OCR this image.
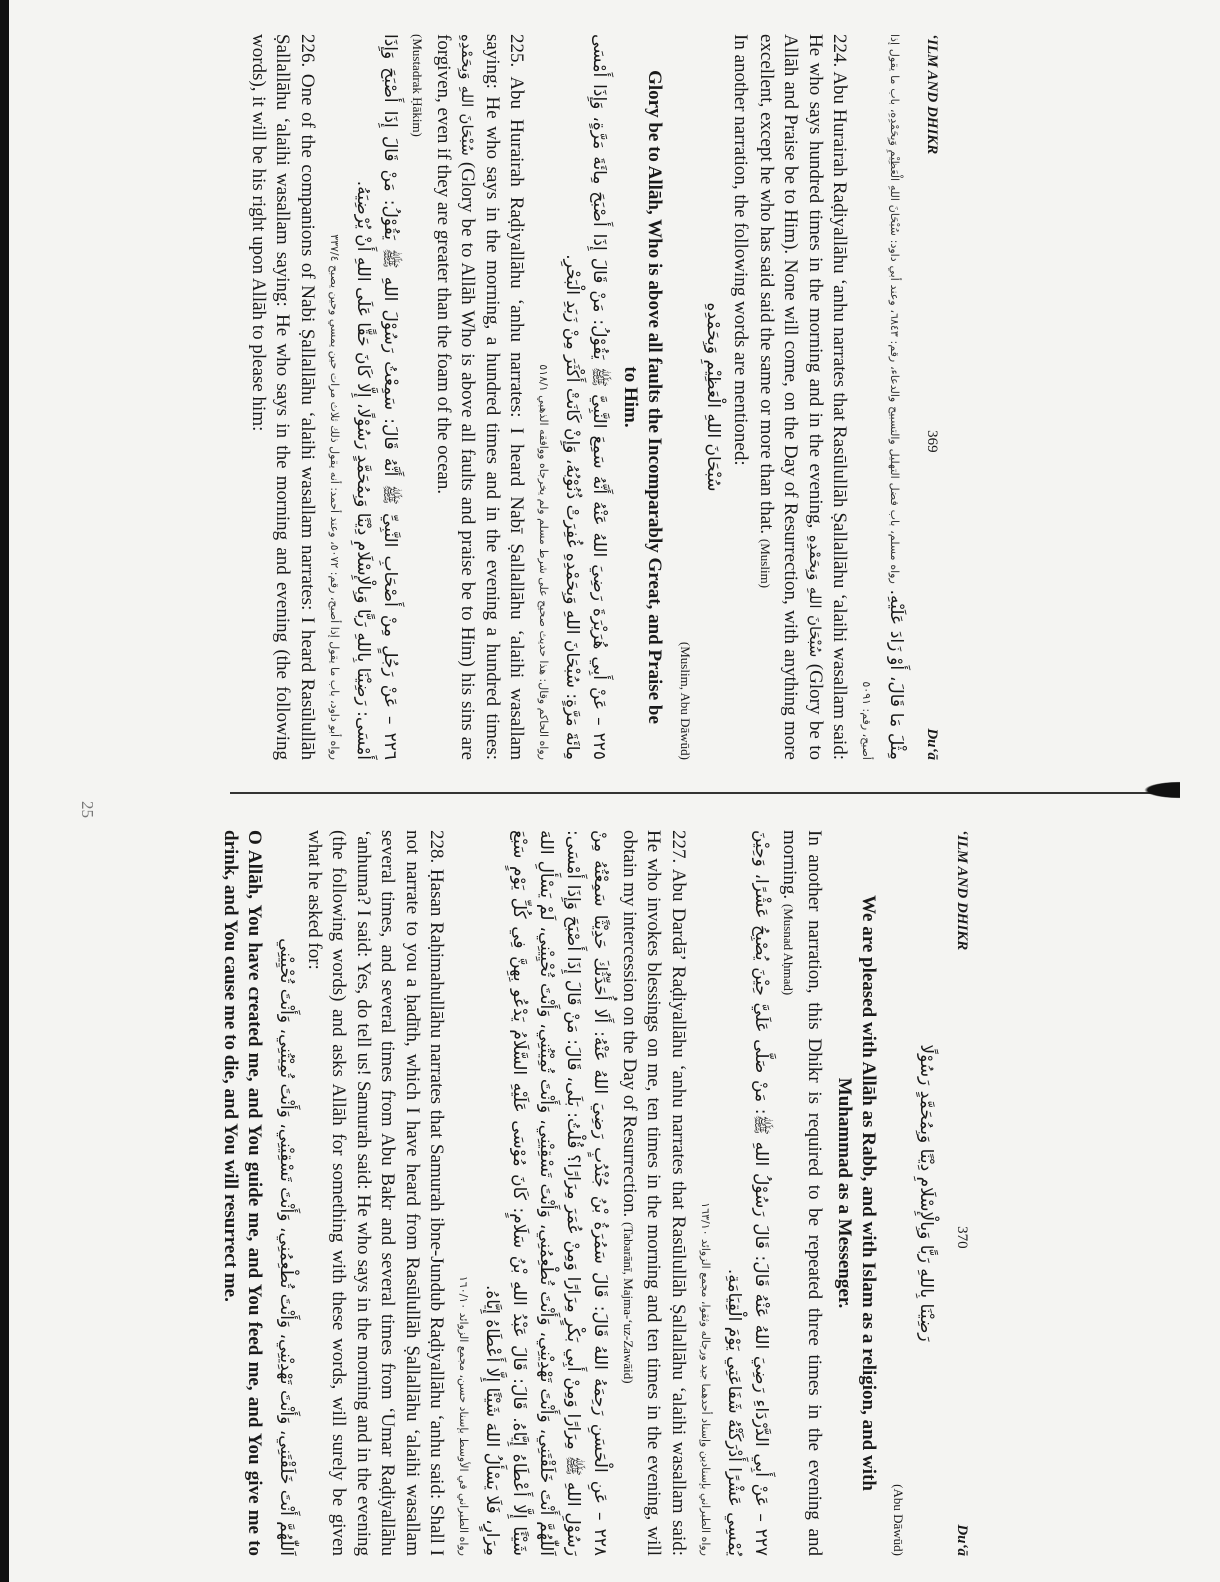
25
‘ILM AND DHIKR
369
Du‘ā
مِثْلَ مَا قَالَ، أَوْ زَادَ عَلَيْهِ. رواه مسلم، باب فضل التهليل والتسبيح والدعاء، رقم: ٦٨٤٣، وعند أبي داود: سُبْحَانَ اللهِ الْعَظِيْمِ وَبِحَمْدِهِ، باب ما يقول إذا أصبح، رقم: ٥٠٩١

224. Abu Hurairah Raḍiyallāhu ‘anhu narrates that Rasūlullāh Ṣallallāhu ‘alaihi wasallam said: He who says hundred times in the morning and in the evening, سُبْحَانَ اللهِ وَبِحَمْدِهِ (Glory be to Allāh and Praise be to Him). None will come, on the Day of Resurrection, with anything more excellent, except he who has said said the same or more than that. (Muslim)
In another narration, the following words are mentioned:

سُبْحَانَ اللهِ الْعَظِيْمِ وَبِحَمْدِهِ
(Muslim, Abu Dāwūd)
Glory be to Allāh, Who is above all faults the Incomparably Great, and Praise be to Him.
٢٢٥ – عَنْ أَبِي هُرَيْرَةَ رَضِيَ اللهُ عَنْهُ أَنَّهُ سَمِعَ النَّبِيَّ ﷺ يَقُوْلُ: مَنْ قَالَ إِذَا أَصْبَحَ مِائَةَ مَرَّةٍ، وَإِذَا أَمْسَى مِائَةَ مَرَّةٍ: سُبْحَانَ اللهِ وَبِحَمْدِهِ غُفِرَتْ ذُنُوْبُهُ، وَإِنْ كَانَتْ أَكْثَرَ مِنْ زَبَدِ الْبَحْرِ.
رواه الحاكم وقال: هذا حديث صحيح على شرط مسلم ولم يخرجاه ووافقه الذهبي ٥١٨/١

225. Abu Hurairah Raḍiyallāhu ‘anhu narrates: I heard Nabī Ṣallallāhu ‘alaihi wasallam saying: He who says in the morning, a hundred times and in the evening a hundred times: سُبْحَانَ اللهِ وَبِحَمْدِهِ (Glory be to Allāh Who is above all faults and praise be to Him) his sins are forgiven, even if they are greater than the foam of the ocean.
(Mustadrak Ḥākim)

٢٢٦ – عَنْ رَجُلٍ مِنْ أَصْحَابِ النَّبِيِّ ﷺ أَنَّهُ قَالَ: سَمِعْتُ رَسُوْلَ اللهِ ﷺ يَقُوْلُ: مَنْ قَالَ إِذَا أَصْبَحَ وَإِذَا أَمْسَى: رَضِيْنَا بِاللهِ رَبًّا وَبِالْإِسْلَامِ دِيْنًا وَبِمُحَمَّدٍ رَسُوْلًا، إِلَّا كَانَ حَقًّا عَلَى اللهِ أَنْ يُرْضِيَهُ.
رواه أبو داود، باب ما يقول إذا أصبح، رقم: ٥٠٧٢، وعند أحمد: أنه يقول ذلك ثلاث مرات حين يمسي وحين يصبح ٣٣٧/٤

226. One of the companions of Nabi Ṣallallāhu ‘alaihi wasallam narrates: I heard Rasūlullāh Ṣallallāhu ‘alaihi wasallam saying: He who says in the morning and evening (the following words), it will be his right upon Allāh to please him:

‘ILM AND DHIKR
370
Du‘ā
رَضِيْنَا بِاللهِ رَبًّا وَبِالْإِسْلَامِ دِيْنًا وَبِمُحَمَّدٍ رَسُوْلًا
(Abu Dāwūd)
We are pleased with Allāh as Rabb, and with Islam as a religion, and with Muhammad as a Messenger.

In another narration, this Dhikr is required to be repeated three times in the evening and morning. (Musnad Aḥmad)

٢٢٧ – عَنْ أَبِي الدَّرْدَاءِ رَضِيَ اللهُ عَنْهُ قَالَ: قَالَ رَسُوْلُ اللهِ ﷺ: مَنْ صَلَّى عَلَيَّ حِيْنَ يُصْبِحُ عَشْرًا، وَحِيْنَ يُمْسِي عَشْرًا أَدْرَكَتْهُ شَفَاعَتِي يَوْمَ الْقِيَامَةِ.
رواه الطبراني بإسنادين وإسناد أحدهما جيد ورجاله وثقوا، مجمع الزوائد ١٦٣/١٠

227. Abu Dardā’ Raḍiyallāhu ‘anhu narrates that Rasūlullāh Ṣallallāhu ‘alaihi wasallam said: He who invokes blessings on me, ten times in the morning and ten times in the evening, will obtain my intercession on the Day of Resurrection. (Tabarānī, Majma-‘uz-Zawāid)

٢٢٨ – عَنِ الْحَسَنِ رَحِمَهُ اللهُ قَالَ: قَالَ سَمُرَةُ بْنُ جُنْدُبٍ رَضِيَ اللهُ عَنْهُ: أَلَا أُحَدِّثُكَ حَدِيْثًا سَمِعْتُهُ مِنْ رَسُوْلِ اللهِ ﷺ مِرَارًا وَمِنْ أَبِي بَكْرٍ مِرَارًا وَمِنْ عُمَرَ مِرَارًا؟ قُلْتُ: بَلَى، قَالَ: مَنْ قَالَ إِذَا أَصْبَحَ وَإِذَا أَمْسَى: اَللّٰهُمَّ أَنْتَ خَلَقْتَنِي، وَأَنْتَ تَهْدِيْنِي، وَأَنْتَ تُطْعِمُنِي، وَأَنْتَ تَسْقِيْنِي، وَأَنْتَ تُمِيْتُنِي، وَأَنْتَ تُحْيِيْنِي، لَمْ يَسْأَلِ اللهَ شَيْئًا إِلَّا أَعْطَاهُ إِيَّاهُ. قَالَ: قَالَ عَبْدُ اللهِ بْنُ سَلَامٍ: كَانَ مُوْسَى عَلَيْهِ السَّلَامُ يَدْعُو بِهِنَّ فِي كُلِّ يَوْمٍ سَبْعَ مِرَارٍ، فَلَا يَسْأَلُ اللهَ شَيْئًا إِلَّا أَعْطَاهُ إِيَّاهُ.
رواه الطبراني في الأوسط بإسناد حسن، مجمع الزوائد ١٦٠/١٠

228. Ḥasan Raḥimahullāhu narrates that Samurah ibne-Jundub Raḍiyallāhu ‘anhu said: Shall I not narrate to you a ḥadīth, which I have heard from Rasūlullāh Ṣallallāhu ‘alaihi wasallam several times, and several times from Abu Bakr and several times from ‘Umar Raḍiyallāhu ‘anhuma? I said: Yes, do tell us! Samurah said: He who says in the morning and in the evening (the following words) and asks Allāh for something with these words, will surely be given what he asked for:

اَللّٰهُمَّ أَنْتَ خَلَقْتَنِي، وَأَنْتَ تَهْدِيْنِي، وَأَنْتَ تُطْعِمُنِي، وَأَنْتَ تَسْقِيْنِي، وَأَنْتَ تُمِيْتُنِي، وَأَنْتَ تُحْيِيْنِي
O Allāh, You have created me, and You guide me, and You feed me, and You give me to drink, and You cause me to die, and You will resurrect me.
